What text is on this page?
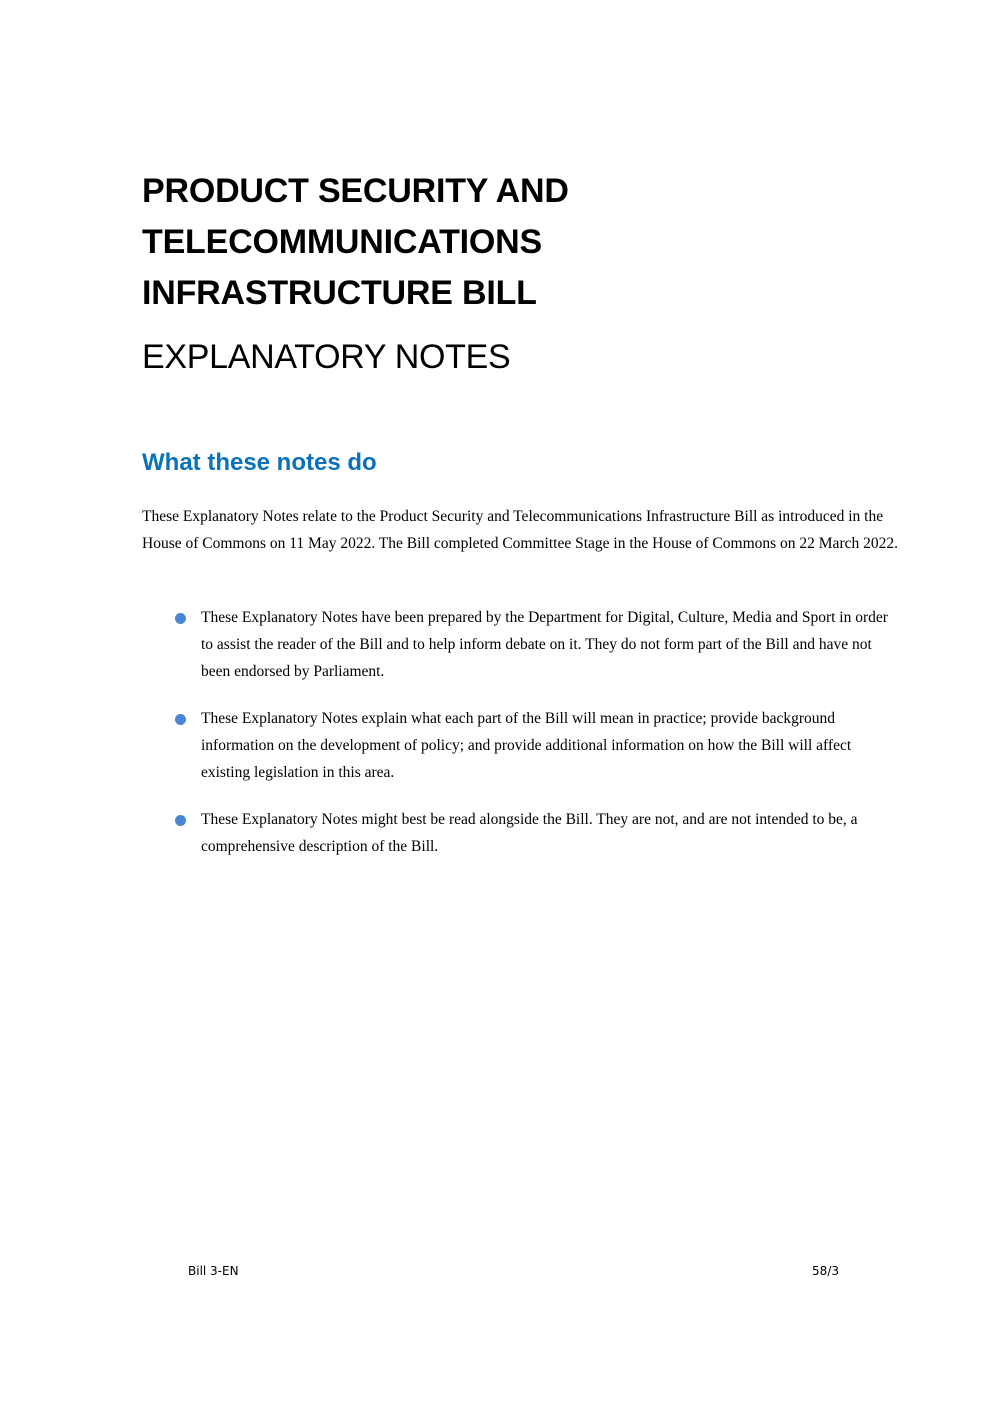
PRODUCT SECURITY AND
TELECOMMUNICATIONS
INFRASTRUCTURE BILL
EXPLANATORY NOTES
What these notes do

These Explanatory Notes relate to the Product Security and Telecommunications Infrastructure Bill as introduced in the House of Commons on 11 May 2022. The Bill completed Committee Stage in the House of Commons on 22 March 2022.

These Explanatory Notes have been prepared by the Department for Digital, Culture, Media and Sport in order to assist the reader of the Bill and to help inform debate on it. They do not form part of the Bill and have not been endorsed by Parliament.
These Explanatory Notes explain what each part of the Bill will mean in practice; provide background information on the development of policy; and provide additional information on how the Bill will affect existing legislation in this area.
These Explanatory Notes might best be read alongside the Bill. They are not, and are not intended to be, a comprehensive description of the Bill.
Bill 3-EN	58/3
